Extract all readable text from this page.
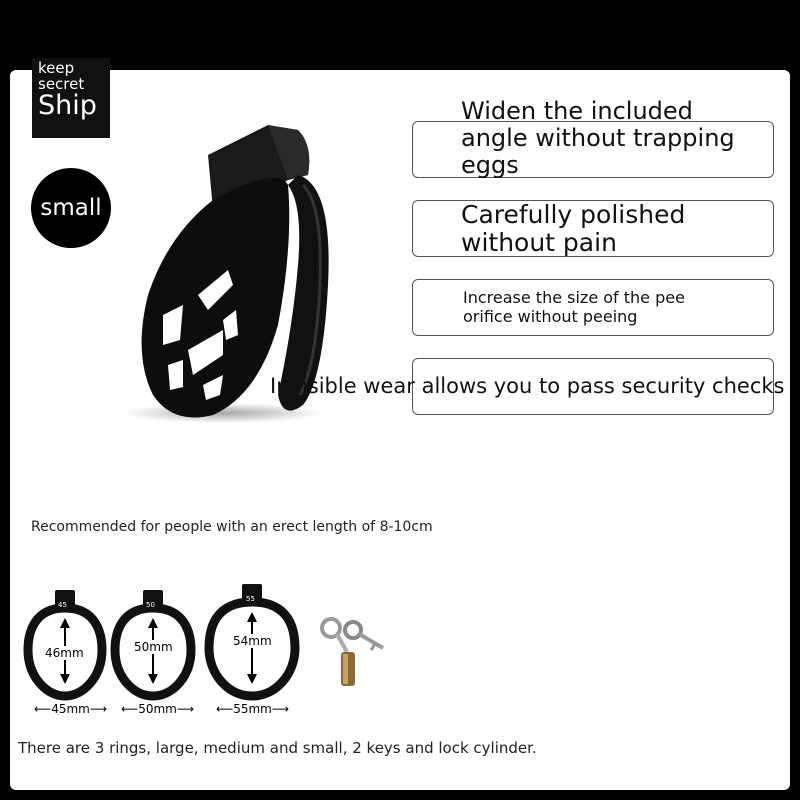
keep
secret
Ship
small
Widen the included
angle without trapping
eggs
Carefully polished
without pain
Increase the size of the pee
orifice without peeing
Invisible wear allows you to pass security checks
Recommended for people with an erect length of 8-10cm
45
46mm
⟵45mm⟶
50
50mm
⟵50mm⟶
55
54mm
⟵55mm⟶
There are 3 rings, large, medium and small, 2 keys and lock cylinder.
